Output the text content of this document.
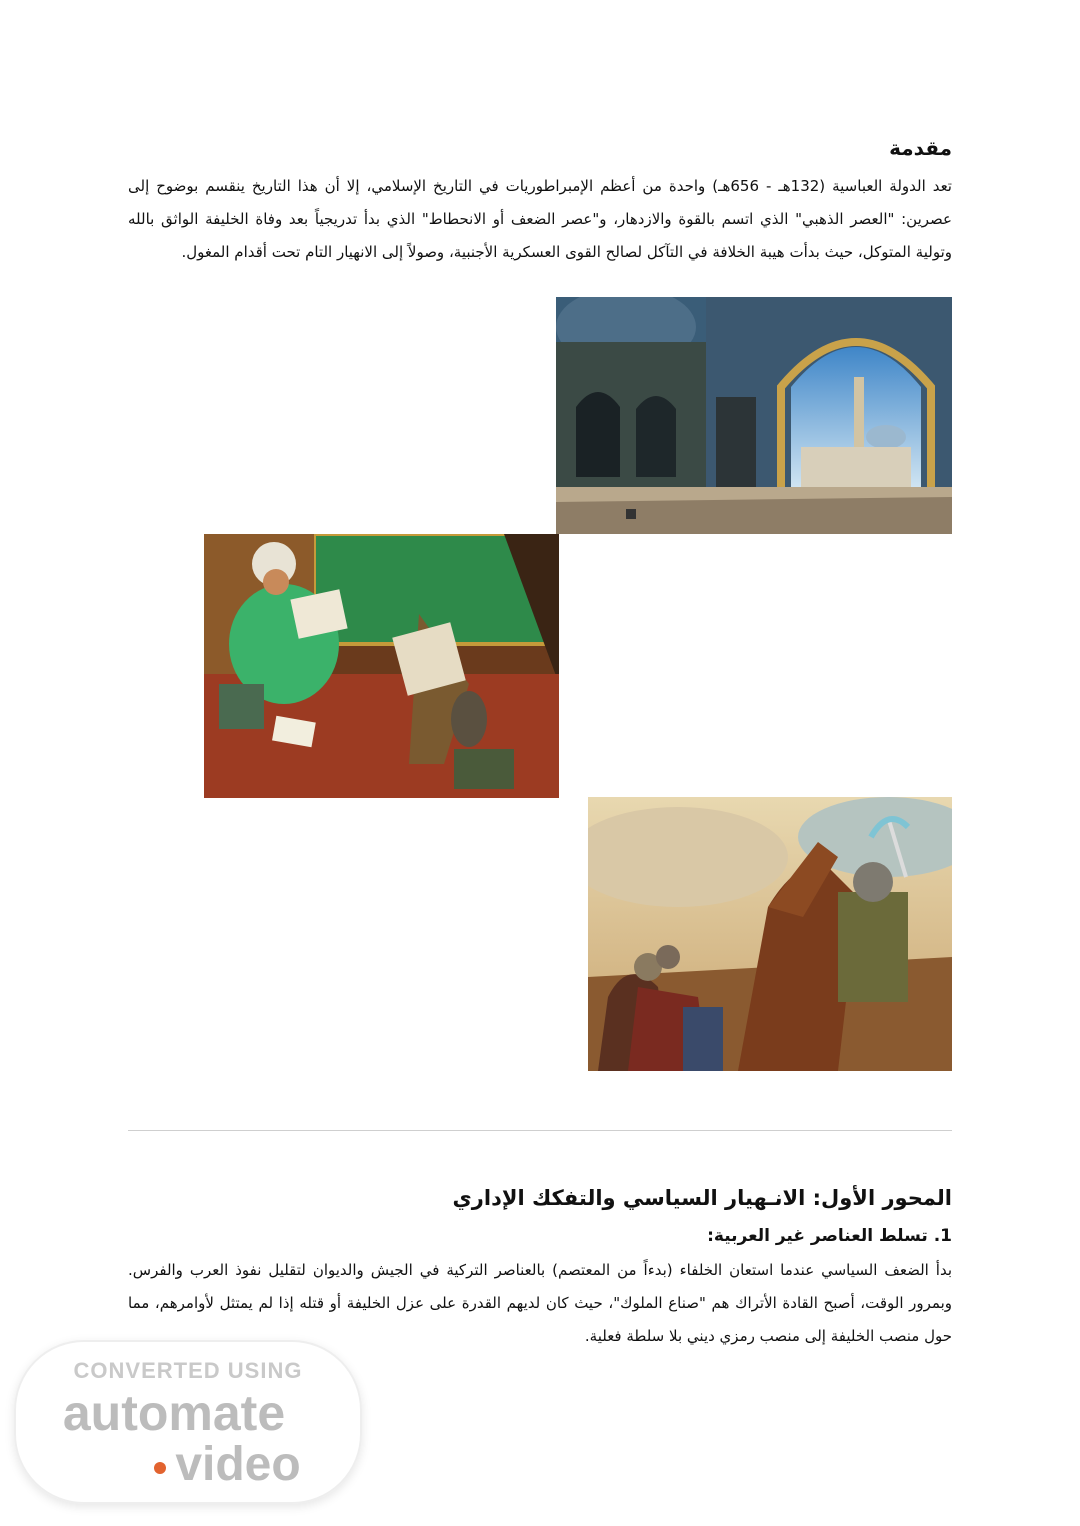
مقدمة

تعد الدولة العباسية (132هـ - 656هـ) واحدة من أعظم الإمبراطوريات في التاريخ الإسلامي، إلا أن هذا التاريخ ينقسم بوضوح إلى عصرين: "العصر الذهبي" الذي اتسم بالقوة والازدهار، و"عصر الضعف أو الانحطاط" الذي بدأ تدريجياً بعد وفاة الخليفة الواثق بالله وتولية المتوكل، حيث بدأت هيبة الخلافة في التآكل لصالح القوى العسكرية الأجنبية، وصولاً إلى الانهيار التام تحت أقدام المغول.

المحور الأول: الانـهيار السياسي والتفكك الإداري
1. تسلط العناصر غير العربية:

بدأ الضعف السياسي عندما استعان الخلفاء (بدءاً من المعتصم) بالعناصر التركية في الجيش والديوان لتقليل نفوذ العرب والفرس. وبمرور الوقت، أصبح القادة الأتراك هم "صناع الملوك"، حيث كان لديهم القدرة على عزل الخليفة أو قتله إذا لم يمتثل لأوامرهم، مما حول منصب الخليفة إلى منصب رمزي ديني بلا سلطة فعلية.

CONVERTED USING
automate
video
